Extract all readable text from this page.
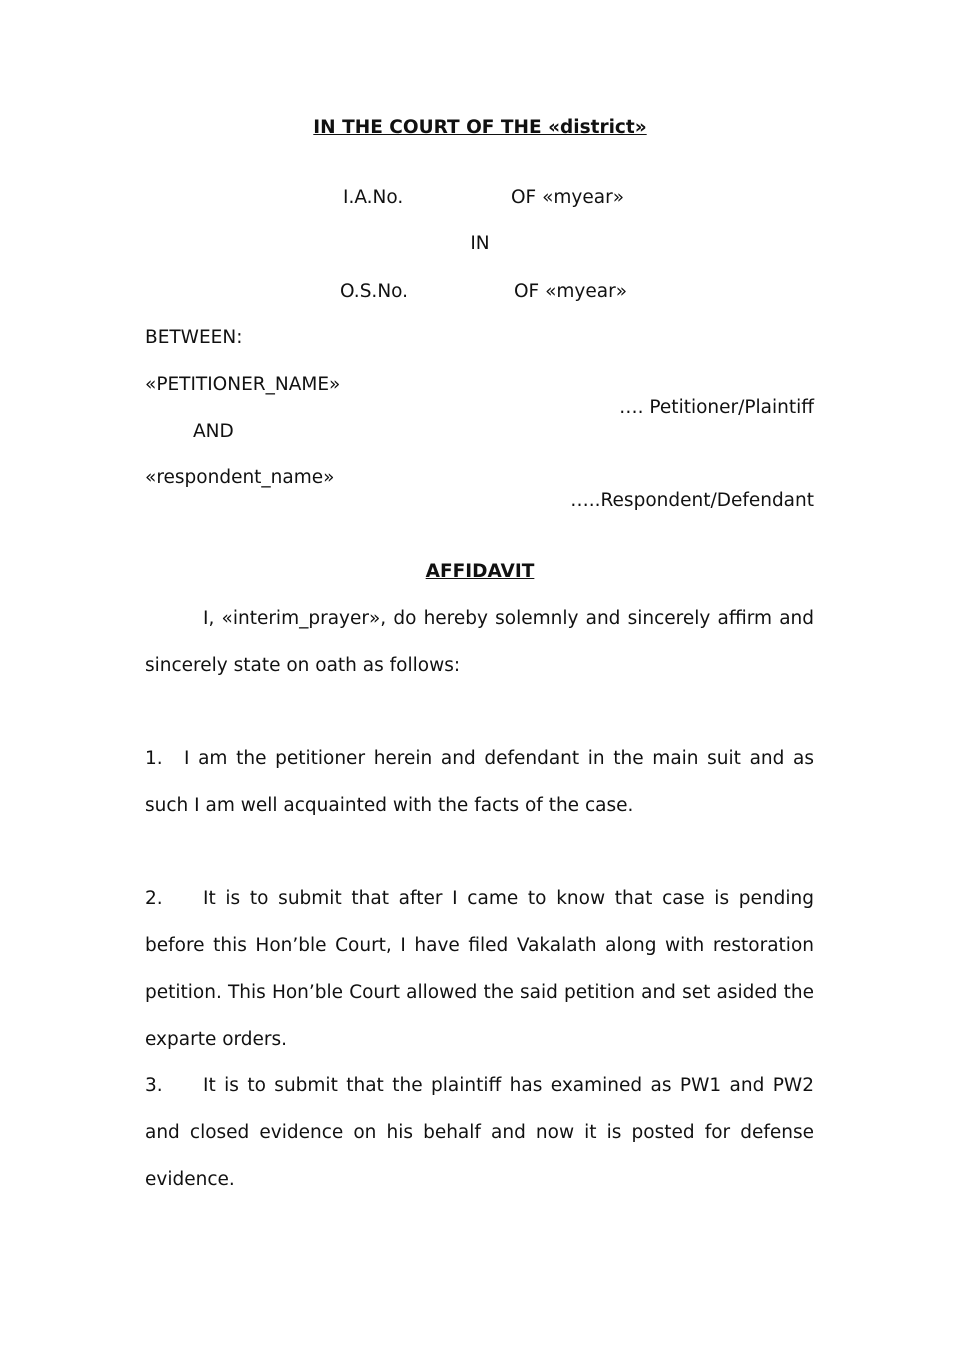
IN THE COURT OF THE «district»
I.A.No.	OF «myear»
IN
O.S.No.	OF «myear»
BETWEEN:
«PETITIONER_NAME»
…. Petitioner/Plaintiff
AND
«respondent_name»
…..Respondent/Defendant
AFFIDAVIT
I, «interim_prayer», do hereby solemnly and sincerely affirm and sincerely state on oath as follows:
1. I am the petitioner herein and defendant in the main suit and as such I am well acquainted with the facts of the case.
2. It is to submit that after I came to know that case is pending before this Hon’ble Court, I have filed Vakalath along with restoration petition. This Hon’ble Court allowed the said petition and set asided the exparte orders.
3. It is to submit that the plaintiff has examined as PW1 and PW2 and closed evidence on his behalf and now it is posted for defense evidence.
